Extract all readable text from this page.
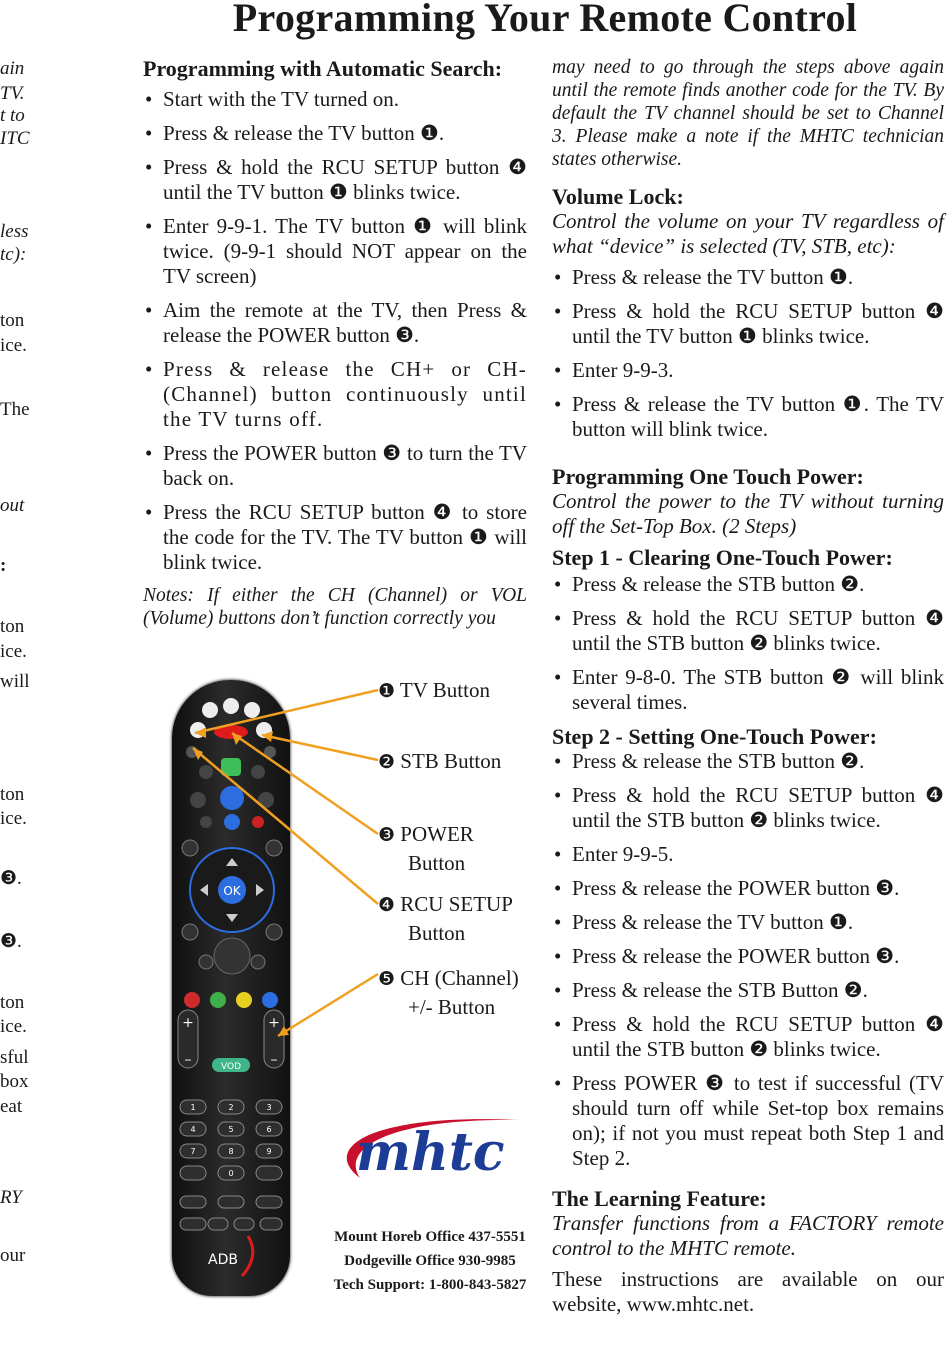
Programming Your Remote Control
ain
TV.
t to
ITC
less
tc):
ton
ice.
The
out
:
ton
ice.
will
ton
ice.
❸.
❸.
ton
ice.
sful
box
eat
RY
our
Programming with Automatic Search:
• Start with the TV turned on.
• Press & release the TV button ❶.
• Press & hold the RCU SETUP button ❹ until the TV button ❶ blinks twice.
• Enter 9-9-1. The TV button ❶ will blink twice. (9-9-1 should NOT appear on the TV screen)
• Aim the remote at the TV, then Press & release the POWER button ❸.
• Press & release the CH+ or CH- (Channel) button continuously until the TV turns off.
• Press the POWER button ❸ to turn the TV back on.
• Press the RCU SETUP button ❹ to store the code for the TV. The TV button ❶ will blink twice.

Notes: If either the CH (Channel) or VOL (Volume) buttons don’t function correctly you

may need to go through the steps above again until the remote finds another code for the TV. By default the TV channel should be set to Channel 3. Please make a note if the MHTC technician states otherwise.

Volume Lock:

Control the volume on your TV regardless of what “device” is selected (TV, STB, etc):

• Press & release the TV button ❶.
• Press & hold the RCU SETUP button ❹ until the TV button ❶ blinks twice.
• Enter 9-9-3.
• Press & release the TV button ❶. The TV button will blink twice.
Programming One Touch Power:

Control the power to the TV without turning off the Set-Top Box. (2 Steps)

Step 1 - Clearing One-Touch Power:
• Press & release the STB button ❷.
• Press & hold the RCU SETUP button ❹ until the STB button ❷ blinks twice.
• Enter 9-8-0. The STB button ❷ will blink several times.
Step 2 - Setting One-Touch Power:
• Press & release the STB button ❷.
• Press & hold the RCU SETUP button ❹ until the STB button ❷ blinks twice.
• Enter 9-9-5.
• Press & release the POWER button ❸.
• Press & release the TV button ❶.
• Press & release the POWER button ❸.
• Press & release the STB Button ❷.
• Press & hold the RCU SETUP button ❹ until the STB button ❷ blinks twice.
• Press POWER ❸ to test if successful (TV should turn off while Set-top box remains on); if not you must repeat both Step 1 and Step 2.
The Learning Feature:

Transfer functions from a FACTORY remote control to the MHTC remote.

These instructions are available on our website, www.mhtc.net.

OK
+
–
+
–
VOD
1	2	3
4	5	6
7	8	9
0
ADB
❶ TV Button
❷ STB Button
❸ POWER
Button
❹ RCU SETUP
Button
❺ CH (Channel)
+/- Button
mhtc
Mount Horeb Office 437-5551
Dodgeville Office 930-9985
Tech Support: 1-800-843-5827
